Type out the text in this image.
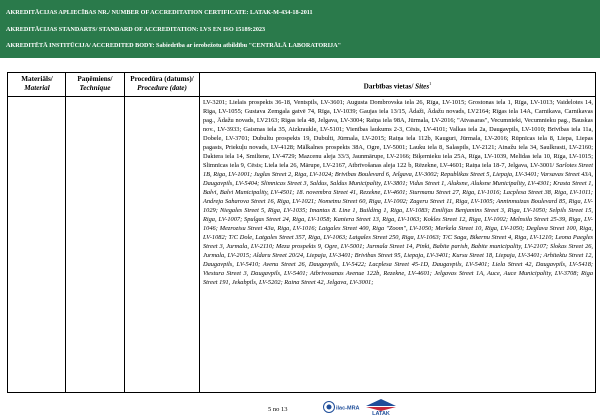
AKREDITĀCIJAS APLIECĪBAS NR./ NUMBER OF ACCREDITATION CERTIFICATE: LATAK-M-434-18-2011
AKREDITĀCIJAS STANDARTS/ STANDARD OF ACCREDITATION: LVS EN ISO 15189:2023
AKREDITĒTĀ INSTITŪCIJA/ ACCREDITED BODY: Sabiedrība ar ierobežotu atbildību "CENTRĀLĀ LABORATORIJA"
Materiāls/
Material
Paņēmiens/
Technique
Procedūra (datums)/
Procedure (date)	Darbības vietas/ Sites$^1$

LV-3201; Lielais prospekts 36-18, Ventspils, LV-3601; Augusta Dombrovska iela 26, Rīga, LV-1015; Grostonas iela 1, Rīga, LV-1013; Vaidelotes 14, Rīga, LV-1055; Gustava Zemgala gatvē 74, Rīga, LV-1039; Gaujas iela 13/15, Ādaži, Ādažu novads, LV2164; Rīgas iela 14A, Carnikava, Carnikavas pag., Ādažu novads, LV2163; Rīgas iela 48, Jelgava, LV-3004; Raiņa iela 98A, Jūrmala, LV-2016; "Atvasaras", Vecumnieki, Vecumnieku pag., Bauskas nov., LV-3933; Gaismas iela 35, Aizkraukle, LV-5101; Vienības laukums 2-3, Cēsis, LV-4101; Valkas iela 2a, Daugavpils, LV-1010; Brīvības iela 11a, Dobele, LV-3701; Dubultu prospekts 19, Dubulti, Jūrmala, LV-2015; Raiņa iela 112b, Kauguri, Jūrmala, LV-2016; Rūpnīcas iela 8, Liepa, Liepas pagasts, Priekuļu novads, LV-4128; Mālkalnes prospekts 38A, Ogre, LV-5001; Lauku iela 8, Salaspils, LV-2121; Ainažu iela 34, Saulkrasti, LV-2160; Daktera iela 14, Smiltene, LV-4729; Mazcenu aleja 33/3, Jaunmārupe, LV-2166; Biķernieku iela 25A, Rīga, LV-1039, Melīdas iela 10, Rīga, LV-1015; Slimnīcas iela 9, Cēsis; Liela iela 26, Mārupe, LV-2167, Atbrīvošanas aleja 122 b, Rēzekne, LV-4601; Raiņa iela 18-7, Jelgava, LV-3001/ Sarlotes Street 1B, Riga, LV-1001; Juglas Street 2, Riga, LV-1024; Brivibas Boulevard 6, Jelgava, LV-3002; Republikas Street 5, Liepaja, LV-3401; Varsavas Street 43A, Daugavpils, LV-5404; Slimnicas Street 3, Saldus, Saldus Municipality, LV-3801; Vidus Street 1, Aluksne, Aluksne Municipality, LV-4301; Krasta Street 1, Balvi, Balvi Municipality, LV-4501; 18. novembra Street 41, Rezekne, LV-4601; Sturmanu Street 27, Riga, LV-1016; Lacplesa Street 38, Riga, LV-1011; Andreja Saharova Street 16, Riga, LV-1021; Nometnu Street 60, Riga, LV-1002; Zageru Street 11, Riga, LV-1005; Anninmuizas Boulevard 85, Riga, LV-1029; Niegales Street 5, Riga, LV-1035; Imantas 8. Line 1, Building 1, Riga, LV-1083; Emilijas Benjamins Street 3, Riga, LV-1050; Selpils Street 15, Riga, LV-1007; Spulgas Street 24, Riga, LV-1058; Kaniera Street 13, Riga, LV-1063; Kokles Street 12, Riga, LV-1002; Melnsila Street 25-39, Riga, LV-1046; Mezrozisu Street 43a, Riga, LV-1016; Latgales Street 400, Riga "Zoom", LV-1050; Merkela Street 10, Riga, LV-1050; Deglava Street 100, Riga, LV-1082; T/C Dole, Latgales Street 357, Riga, LV-1063; Latgales Street 250, Riga, LV-1063; T/C Saga, Bikernu Street 4, Riga, LV-1210; Leona Paegles Street 3, Jurmala, LV-2110; Meza prospekts 9, Ogre, LV-5001; Jurmala Street 14, Pinki, Babite parish, Babite municipality, LV-2107; Slokas Street 26, Jurmala, LV-2015; Aldaru Street 20/24, Liepaja, LV-3401; Brivibas Street 95, Liepaja, LV-3401; Kursu Street 18, Liepaja, LV-3401; Arhitektu Street 12, Daugavpils, LV-5410; Avenu Street 26, Daugavpils, LV-5422; Lacplesa Street 45-1D, Daugavpils, LV-5401; Liela Street 42, Daugavpils, LV-5418; Viestura Street 3, Daugavpils, LV-5401; Atbrivosanas Avenue 122b, Rezekne, LV-4601; Jelgavas Street 1A, Auce, Auce Municipality, LV-3708; Riga Street 191, Jekabpils, LV-5202; Raina Street 42, Jelgava, LV-3001;

5 no 13	ilac-MRA
LATAK
